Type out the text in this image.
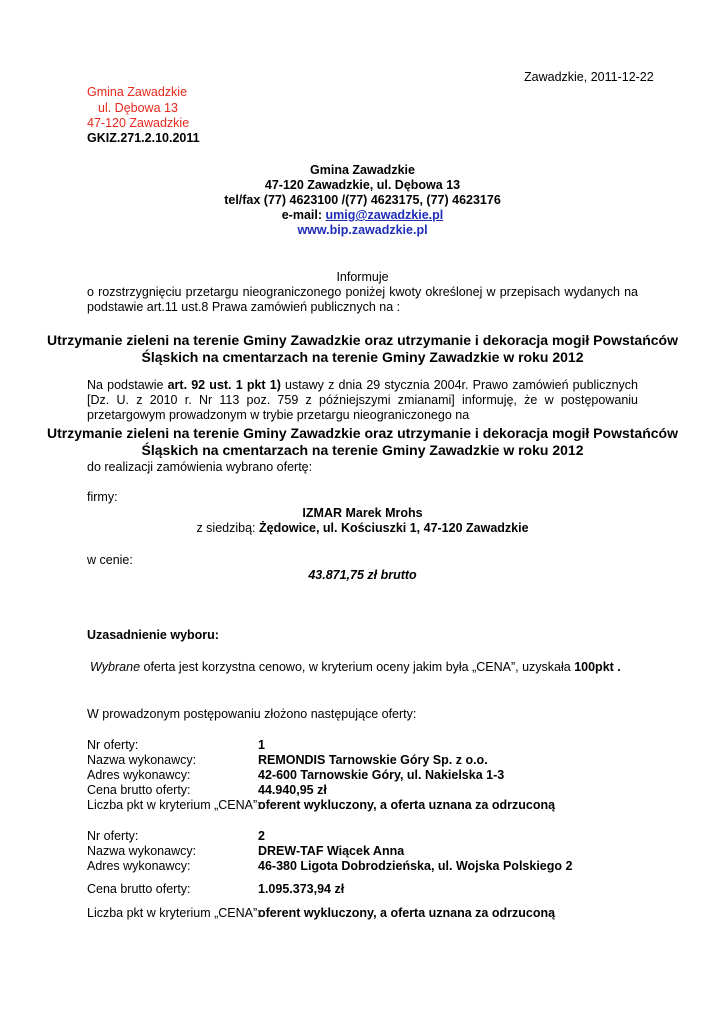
Zawadzkie, 2011-12-22
Gmina Zawadzkie
ul. Dębowa 13
47-120 Zawadzkie
GKIZ.271.2.10.2011
Gmina Zawadzkie
47-120 Zawadzkie, ul. Dębowa 13
tel/fax (77) 4623100 /(77) 4623175, (77) 4623176
e-mail: umig@zawadzkie.pl
www.bip.zawadzkie.pl
Informuje
o rozstrzygnięciu przetargu nieograniczonego poniżej kwoty określonej w przepisach wydanych na podstawie art.11 ust.8 Prawa zamówień publicznych na :
Utrzymanie zieleni na terenie Gminy Zawadzkie oraz utrzymanie i dekoracja mogił Powstańców
Śląskich na cmentarzach na terenie Gminy Zawadzkie w roku 2012
Na podstawie art. 92 ust. 1 pkt 1) ustawy z dnia 29 stycznia 2004r. Prawo zamówień publicznych [Dz. U. z 2010 r. Nr 113 poz. 759 z późniejszymi zmianami] informuję, że w postępowaniu przetargowym prowadzonym w trybie przetargu nieograniczonego na
Utrzymanie zieleni na terenie Gminy Zawadzkie oraz utrzymanie i dekoracja mogił Powstańców
Śląskich na cmentarzach na terenie Gminy Zawadzkie w roku 2012
do realizacji zamówienia wybrano ofertę:
firmy:
IZMAR Marek Mrohs
z siedzibą: Żędowice, ul. Kościuszki 1, 47-120 Zawadzkie
w cenie:
43.871,75 zł brutto
Uzasadnienie wyboru:
Wybrane oferta jest korzystna cenowo, w kryterium oceny jakim była „CENA”, uzyskała 100pkt .
W prowadzonym postępowaniu złożono następujące oferty:
Nr oferty:	1
Nazwa wykonawcy:	REMONDIS Tarnowskie Góry Sp. z o.o.
Adres wykonawcy:	42-600 Tarnowskie Góry, ul. Nakielska 1-3
Cena brutto oferty:	44.940,95 zł
Liczba pkt w kryterium „CENA”:
oferent wykluczony, a oferta uznana za odrzuconą
Nr oferty:	2
Nazwa wykonawcy:	DREW-TAF Wiącek Anna
Adres wykonawcy:	46-380 Ligota Dobrodzieńska, ul. Wojska Polskiego 2
Cena brutto oferty:	1.095.373,94 zł
Liczba pkt w kryterium „CENA”:
oferent wykluczony, a oferta uznana za odrzuconą
